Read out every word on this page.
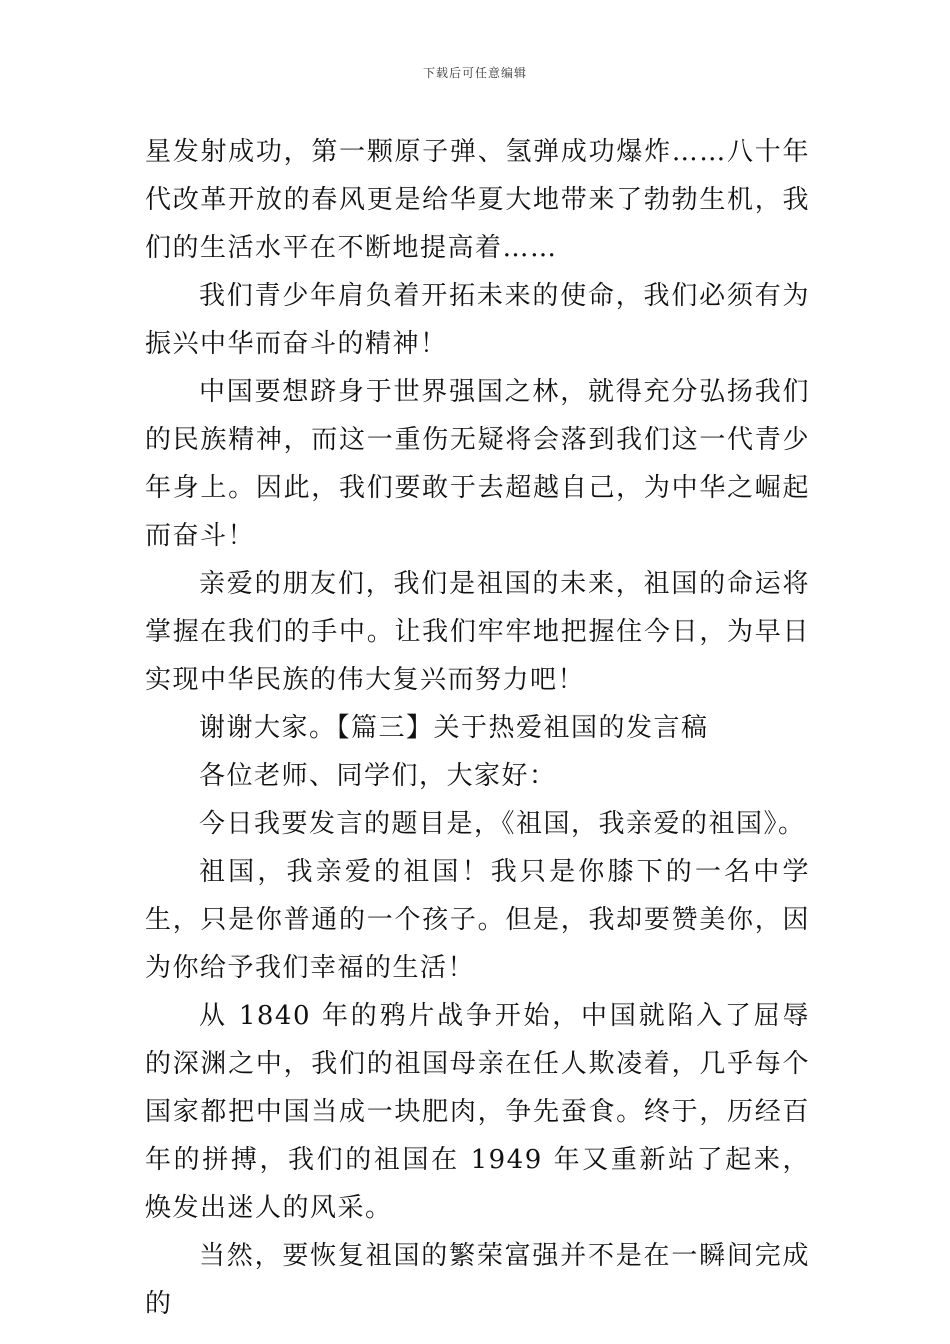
下载后可任意编辑

星发射成功，第一颗原子弹、氢弹成功爆炸……八十年代改革开放的春风更是给华夏大地带来了勃勃生机，我们的生活水平在不断地提高着……

我们青少年肩负着开拓未来的使命，我们必须有为振兴中华而奋斗的精神！

中国要想跻身于世界强国之林，就得充分弘扬我们的民族精神，而这一重伤无疑将会落到我们这一代青少年身上。因此，我们要敢于去超越自己，为中华之崛起而奋斗！

亲爱的朋友们，我们是祖国的未来，祖国的命运将掌握在我们的手中。让我们牢牢地把握住今日，为早日实现中华民族的伟大复兴而努力吧！

谢谢大家。【篇三】关于热爱祖国的发言稿

各位老师、同学们，大家好：

今日我要发言的题目是，《祖国，我亲爱的祖国》。

祖国，我亲爱的祖国！我只是你膝下的一名中学生，只是你普通的一个孩子。但是，我却要赞美你，因为你给予我们幸福的生活！

从 1840 年的鸦片战争开始，中国就陷入了屈辱的深渊之中，我们的祖国母亲在任人欺凌着，几乎每个国家都把中国当成一块肥肉，争先蚕食。终于，历经百年的拼搏，我们的祖国在 1949 年又重新站了起来，焕发出迷人的风采。

当然，要恢复祖国的繁荣富强并不是在一瞬间完成的
